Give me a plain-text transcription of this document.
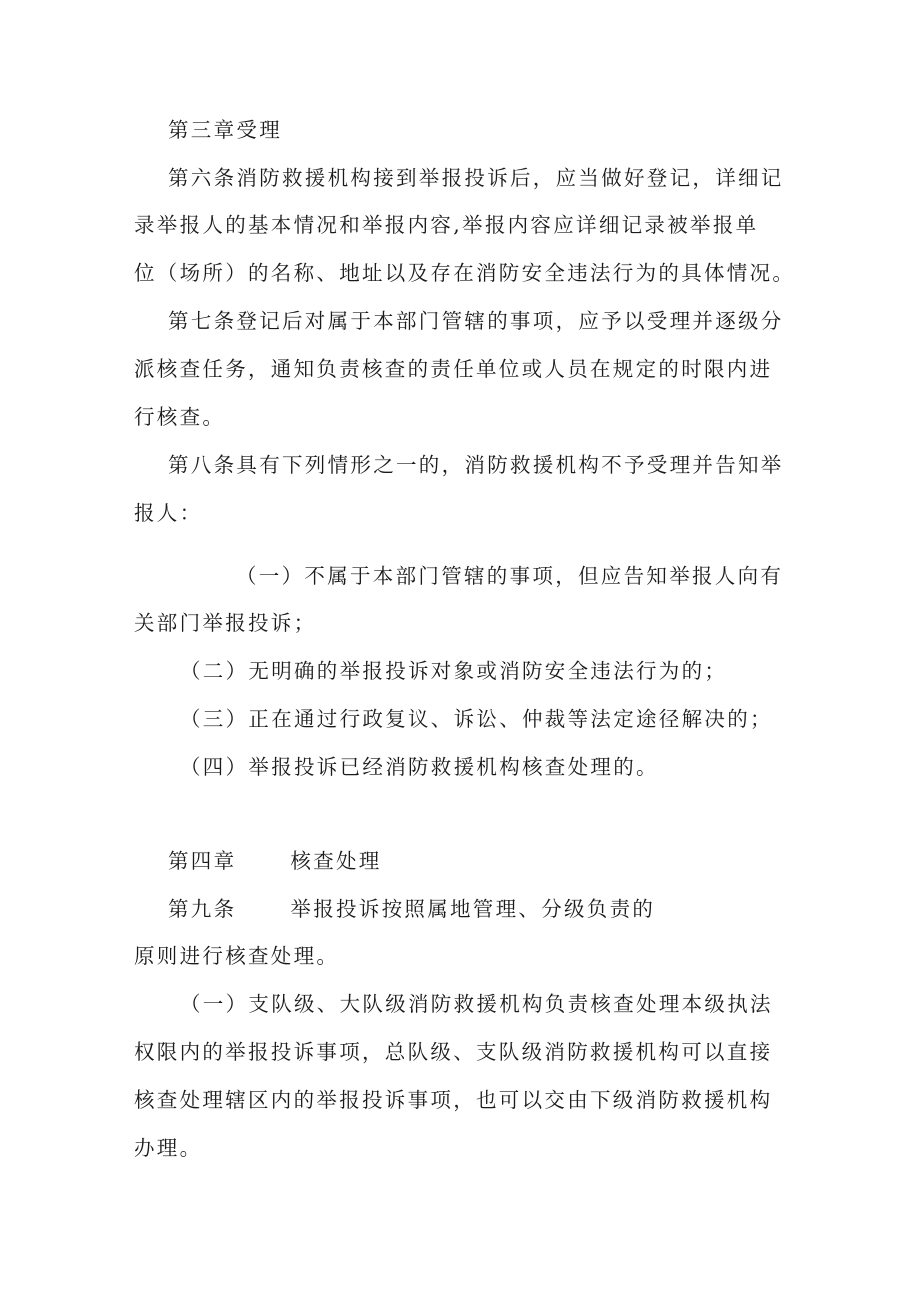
第三章受理

第六条消防救援机构接到举报投诉后，应当做好登记，详细记

录举报人的基本情况和举报内容,举报内容应详细记录被举报单

位（场所）的名称、地址以及存在消防安全违法行为的具体情况。

第七条登记后对属于本部门管辖的事项，应予以受理并逐级分

派核查任务，通知负责核查的责任单位或人员在规定的时限内进

行核查。

第八条具有下列情形之一的，消防救援机构不予受理并告知举

报人：

（一）不属于本部门管辖的事项，但应告知举报人向有

关部门举报投诉；

（二）无明确的举报投诉对象或消防安全违法行为的；

（三）正在通过行政复议、诉讼、仲裁等法定途径解决的；

（四）举报投诉已经消防救援机构核查处理的。

第四章	核查处理

第九条	举报投诉按照属地管理、分级负责的

原则进行核查处理。

（一）支队级、大队级消防救援机构负责核查处理本级执法

权限内的举报投诉事项，总队级、支队级消防救援机构可以直接

核查处理辖区内的举报投诉事项，也可以交由下级消防救援机构

办理。
